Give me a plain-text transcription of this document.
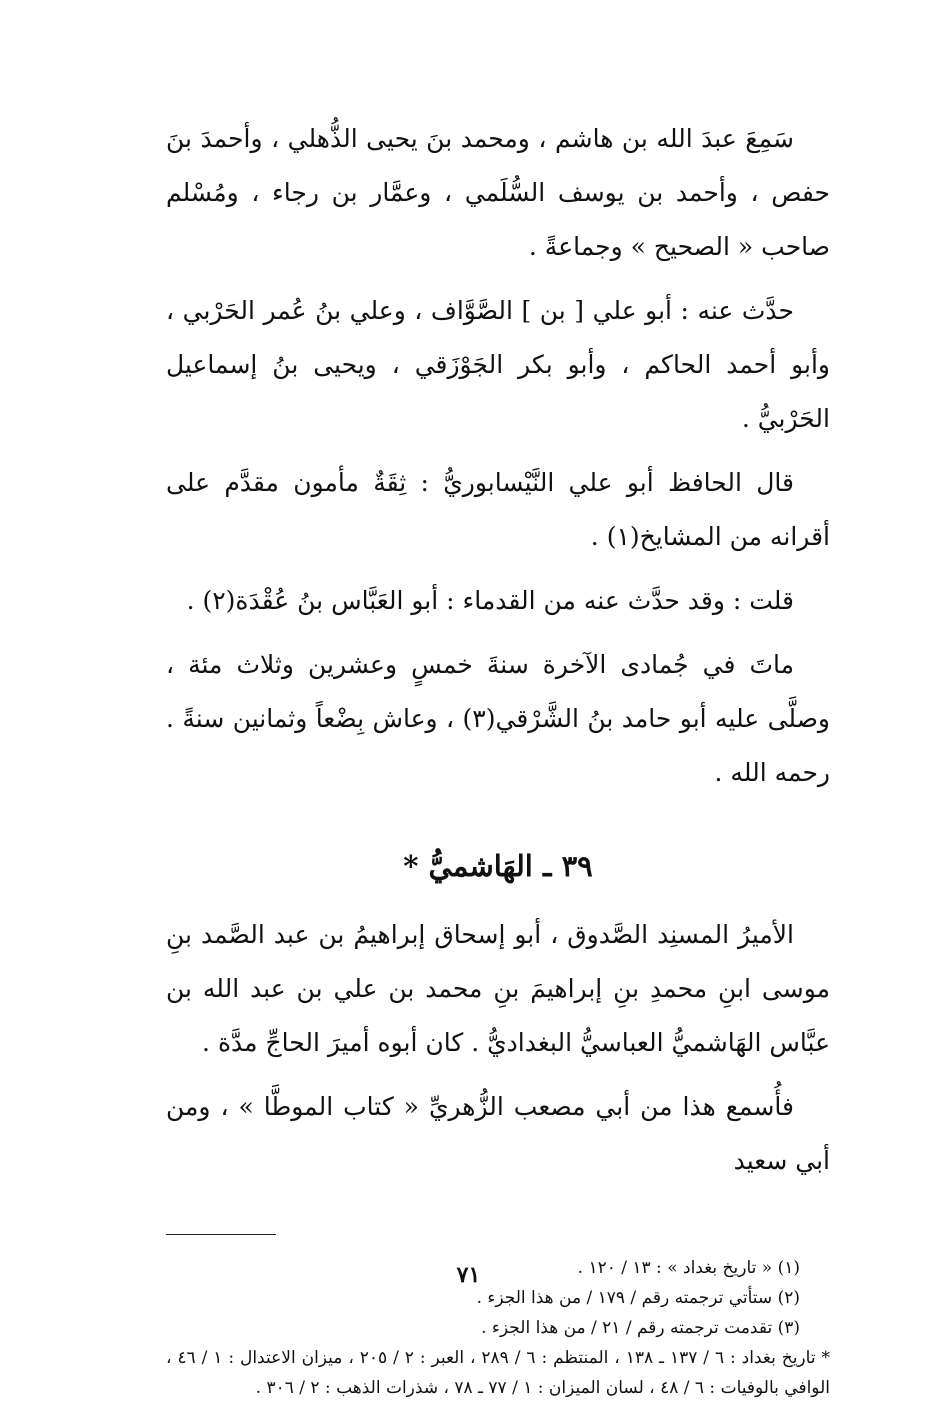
سَمِعَ عبدَ الله بن هاشم ، ومحمد بنَ يحيى الذُّهلي ، وأحمدَ بنَ حفص ، وأحمد بن يوسف السُّلَمي ، وعمَّار بن رجاء ، ومُسْلم صاحب « الصحيح » وجماعةً .

حدَّث عنه : أبو علي [ بن ] الصَّوَّاف ، وعلي بنُ عُمر الحَرْبي ، وأبو أحمد الحاكم ، وأبو بكر الجَوْزَقي ، ويحيى بنُ إسماعيل الحَرْبيُّ .

قال الحافظ أبو علي النَّيْسابوريُّ : ثِقَةٌ مأمون مقدَّم على أقرانه من المشايخ(١) .

قلت : وقد حدَّث عنه من القدماء : أبو العَبَّاس بنُ عُقْدَة(٢) .

ماتَ في جُمادى الآخرة سنةَ خمسٍ وعشرين وثلاث مئة ، وصلَّى عليه أبو حامد بنُ الشَّرْقي(٣) ، وعاش بِضْعاً وثمانين سنةً . رحمه الله .

٣٩ ـ الهَاشميُّ *

الأميرُ المسنِد الصَّدوق ، أبو إسحاق إبراهيمُ بن عبد الصَّمد بنِ موسى ابنِ محمدِ بنِ إبراهيمَ بنِ محمد بن علي بن عبد الله بن عبَّاس الهَاشميُّ العباسيُّ البغداديُّ . كان أبوه أميرَ الحاجِّ مدَّة .

فأُسمع هذا من أبي مصعب الزُّهريِّ « كتاب الموطَّا » ، ومن أبي سعيد

(١) « تاريخ بغداد » : ١٣ / ١٢٠ .

(٢) ستأتي ترجمته رقم / ١٧٩ / من هذا الجزء .

(٣) تقدمت ترجمته رقم / ٢١ / من هذا الجزء .

* تاريخ بغداد : ٦ / ١٣٧ ـ ١٣٨ ، المنتظم : ٦ / ٢٨٩ ، العبر : ٢ / ٢٠٥ ، ميزان الاعتدال : ١ / ٤٦ ، الوافي بالوفيات : ٦ / ٤٨ ، لسان الميزان : ١ / ٧٧ ـ ٧٨ ، شذرات الذهب : ٢ / ٣٠٦ .

٧١
